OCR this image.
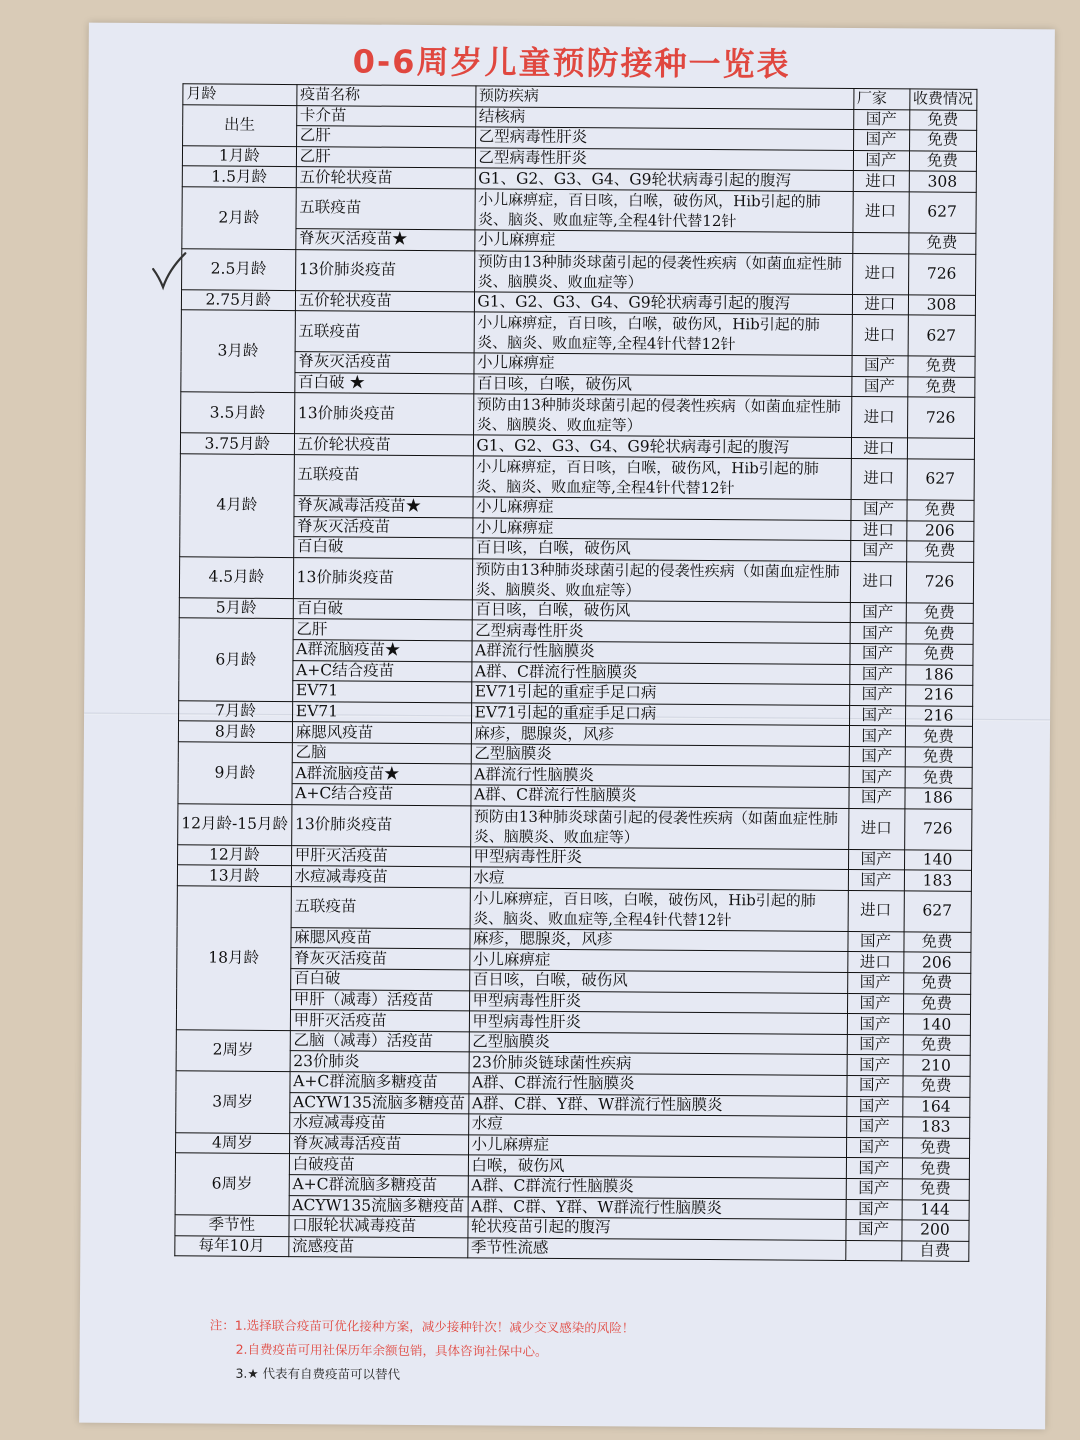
0-6周岁儿童预防接种一览表
月龄	疫苗名称	预防疾病	厂家	收费情况
出生	卡介苗	结核病	国产	免费
	乙肝	乙型病毒性肝炎	国产	免费
1月龄	乙肝	乙型病毒性肝炎	国产	免费
1.5月龄	五价轮状疫苗	G1、G2、G3、G4、G9轮状病毒引起的腹泻	进口	308
2月龄	五联疫苗	小儿麻痹症，百日咳，白喉，破伤风，Hib引起的肺炎、脑炎、败血症等,全程4针代替12针	进口	627
	脊灰灭活疫苗★	小儿麻痹症		免费
2.5月龄	13价肺炎疫苗	预防由13种肺炎球菌引起的侵袭性疾病（如菌血症性肺炎、脑膜炎、败血症等）	进口	726
2.75月龄	五价轮状疫苗	G1、G2、G3、G4、G9轮状病毒引起的腹泻	进口	308
3月龄	五联疫苗	小儿麻痹症，百日咳，白喉，破伤风，Hib引起的肺炎、脑炎、败血症等,全程4针代替12针	进口	627
	脊灰灭活疫苗	小儿麻痹症	国产	免费
	百白破 ★	百日咳，白喉，破伤风	国产	免费
3.5月龄	13价肺炎疫苗	预防由13种肺炎球菌引起的侵袭性疾病（如菌血症性肺炎、脑膜炎、败血症等）	进口	726
3.75月龄	五价轮状疫苗	G1、G2、G3、G4、G9轮状病毒引起的腹泻	进口	
4月龄	五联疫苗	小儿麻痹症，百日咳，白喉，破伤风，Hib引起的肺炎、脑炎、败血症等,全程4针代替12针	进口	627
	脊灰减毒活疫苗★	小儿麻痹症	国产	免费
	脊灰灭活疫苗	小儿麻痹症	进口	206
	百白破	百日咳，白喉，破伤风	国产	免费
4.5月龄	13价肺炎疫苗	预防由13种肺炎球菌引起的侵袭性疾病（如菌血症性肺炎、脑膜炎、败血症等）	进口	726
5月龄	百白破	百日咳，白喉，破伤风	国产	免费
6月龄	乙肝	乙型病毒性肝炎	国产	免费
	A群流脑疫苗★	A群流行性脑膜炎	国产	免费
	A+C结合疫苗	A群、C群流行性脑膜炎	国产	186
	EV71	EV71引起的重症手足口病	国产	216
7月龄	EV71	EV71引起的重症手足口病	国产	216
8月龄	麻腮风疫苗	麻疹，腮腺炎，风疹	国产	免费
9月龄	乙脑	乙型脑膜炎	国产	免费
	A群流脑疫苗★	A群流行性脑膜炎	国产	免费
	A+C结合疫苗	A群、C群流行性脑膜炎	国产	186
12月龄-15月龄	13价肺炎疫苗	预防由13种肺炎球菌引起的侵袭性疾病（如菌血症性肺炎、脑膜炎、败血症等）	进口	726
12月龄	甲肝灭活疫苗	甲型病毒性肝炎	国产	140
13月龄	水痘减毒疫苗	水痘	国产	183
18月龄	五联疫苗	小儿麻痹症，百日咳，白喉，破伤风，Hib引起的肺炎、脑炎、败血症等,全程4针代替12针	进口	627
	麻腮风疫苗	麻疹，腮腺炎，风疹	国产	免费
	脊灰灭活疫苗	小儿麻痹症	进口	206
	百白破	百日咳，白喉，破伤风	国产	免费
	甲肝（减毒）活疫苗	甲型病毒性肝炎	国产	免费
	甲肝灭活疫苗	甲型病毒性肝炎	国产	140
2周岁	乙脑（减毒）活疫苗	乙型脑膜炎	国产	免费
	23价肺炎	23价肺炎链球菌性疾病	国产	210
3周岁	A+C群流脑多糖疫苗	A群、C群流行性脑膜炎	国产	免费
	ACYW135流脑多糖疫苗	A群、C群、Y群、W群流行性脑膜炎	国产	164
	水痘减毒疫苗	水痘	国产	183
4周岁	脊灰减毒活疫苗	小儿麻痹症	国产	免费
6周岁	白破疫苗	白喉，破伤风	国产	免费
	A+C群流脑多糖疫苗	A群、C群流行性脑膜炎	国产	免费
	ACYW135流脑多糖疫苗	A群、C群、Y群、W群流行性脑膜炎	国产	144
季节性	口服轮状减毒疫苗	轮状疫苗引起的腹泻	国产	200
每年10月	流感疫苗	季节性流感		自费
注：1.选择联合疫苗可优化接种方案，减少接种针次！减少交叉感染的风险！
2.自费疫苗可用社保历年余额包销，具体咨询社保中心。
3.★ 代表有自费疫苗可以替代
